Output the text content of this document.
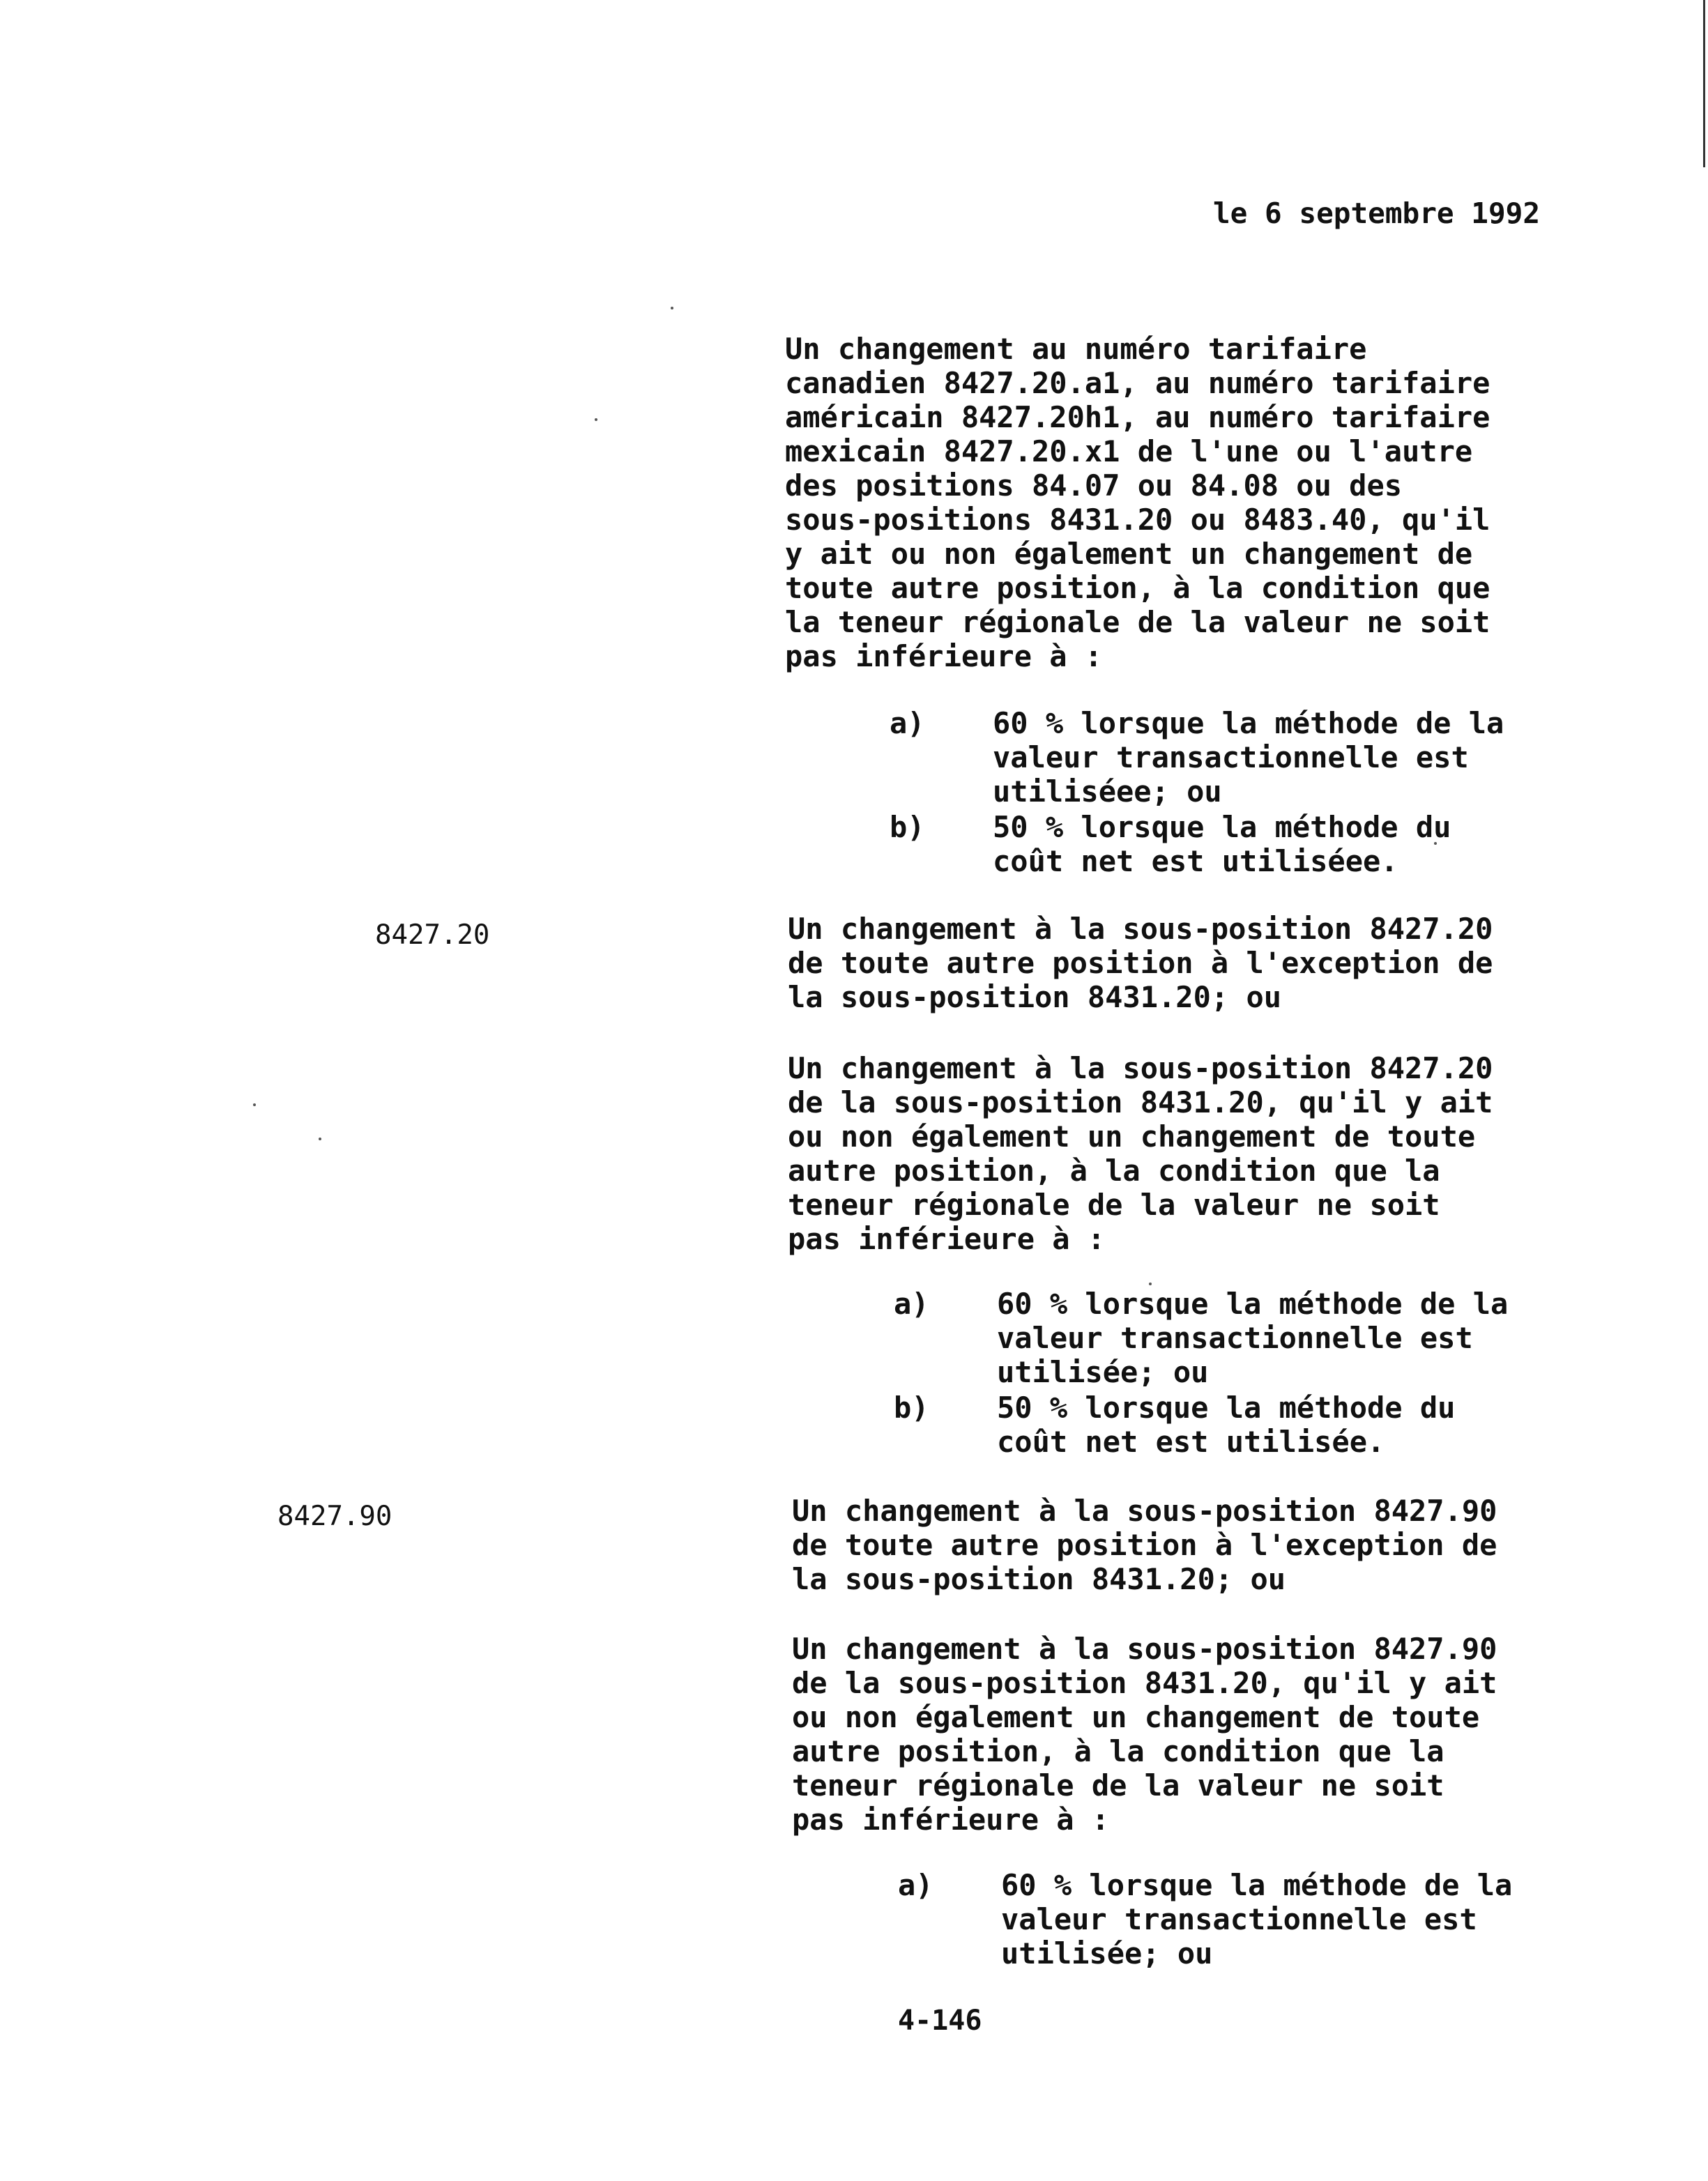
le 6 septembre 1992
Un changement au numéro tarifaire
canadien 8427.20.a1, au numéro tarifaire
américain 8427.20h1, au numéro tarifaire
mexicain 8427.20.x1 de l'une ou l'autre
des positions 84.07 ou 84.08 ou des
sous-positions 8431.20 ou 8483.40, qu'il
y ait ou non également un changement de
toute autre position, à la condition que
la teneur régionale de la valeur ne soit
pas inférieure à :

a)

60 % lorsque la méthode de la
valeur transactionnelle est
utiliséee; ou

b)

50 % lorsque la méthode du
coût net est utiliséee.

8427.20	Un changement à la sous-position 8427.20
de toute autre position à l'exception de
la sous-position 8431.20; ou
Un changement à la sous-position 8427.20
de la sous-position 8431.20, qu'il y ait
ou non également un changement de toute
autre position, à la condition que la
teneur régionale de la valeur ne soit
pas inférieure à :

a)

60 % lorsque la méthode de la
valeur transactionnelle est
utilisée; ou

b)

50 % lorsque la méthode du
coût net est utilisée.

8427.90	Un changement à la sous-position 8427.90
de toute autre position à l'exception de
la sous-position 8431.20; ou
Un changement à la sous-position 8427.90
de la sous-position 8431.20, qu'il y ait
ou non également un changement de toute
autre position, à la condition que la
teneur régionale de la valeur ne soit
pas inférieure à :

a)

60 % lorsque la méthode de la
valeur transactionnelle est
utilisée; ou

4-146
